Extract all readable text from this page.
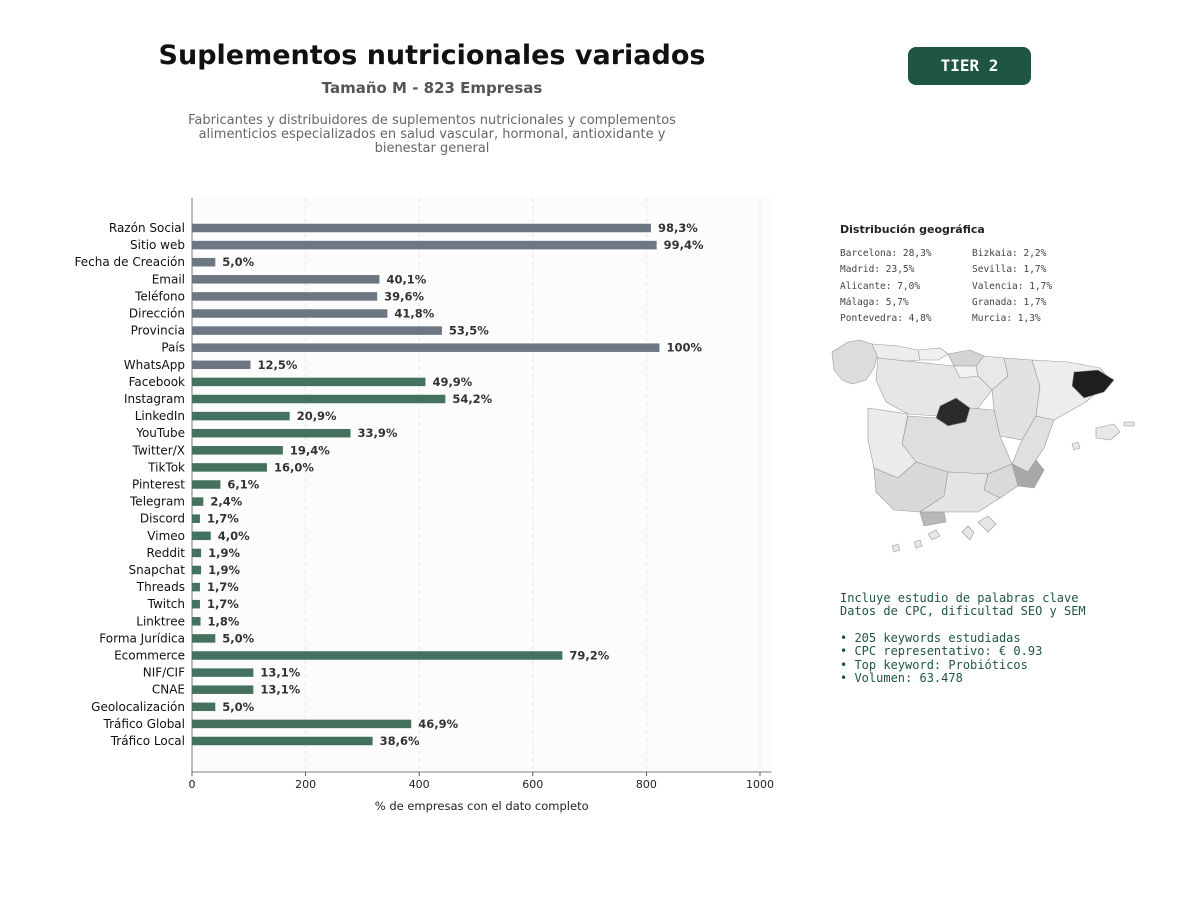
Suplementos nutricionales variados
Tamaño M - 823 Empresas
Fabricantes y distribuidores de suplementos nutricionales y complementos alimenticios especializados en salud vascular, hormonal, antioxidante y bienestar general
TIER 2
0	200	400	600	800	1000
Razón Social	98,3%
Sitio web	99,4%
Fecha de Creación	5,0%
Email	40,1%
Teléfono	39,6%
Dirección	41,8%
Provincia	53,5%
País	100%
WhatsApp	12,5%
Facebook	49,9%
Instagram	54,2%
LinkedIn	20,9%
YouTube	33,9%
Twitter/X	19,4%
TikTok	16,0%
Pinterest	6,1%
Telegram 2,4%
Discord 1,7%
Vimeo	4,0%
Reddit 1,9%
Snapchat 1,9%
Threads 1,7%
Twitch 1,7%
Linktree 1,8%
Forma Jurídica	5,0%
Ecommerce	79,2%
NIF/CIF	13,1%
CNAE	13,1%
Geolocalización	5,0%
Tráfico Global	46,9%
Tráfico Local	38,6%
% de empresas con el dato completo
Distribución geográfica
Barcelona: 28,3%
Madrid: 23,5%
Alicante: 7,0%
Málaga: 5,7%
Pontevedra: 4,8%
Bizkaia: 2,2%
Sevilla: 1,7%
Valencia: 1,7%
Granada: 1,7%
Murcia: 1,3%
Incluye estudio de palabras clave
Datos de CPC, dificultad SEO y SEM
• 205 keywords estudiadas
• CPC representativo: € 0.93
• Top keyword: Probióticos
• Volumen: 63.478
